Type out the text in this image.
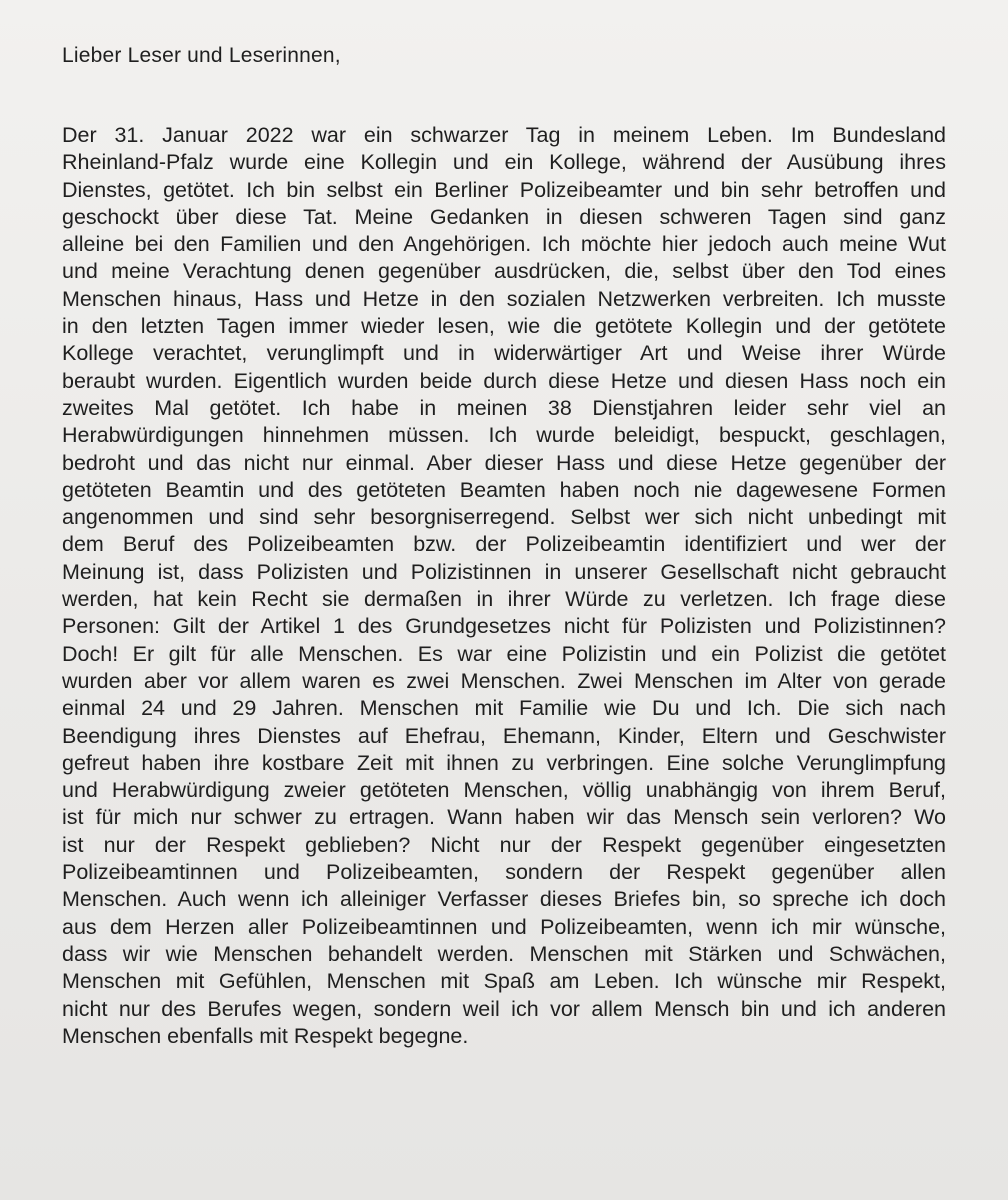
Lieber Leser und Leserinnen,

Der 31. Januar 2022 war ein schwarzer Tag in meinem Leben. Im Bundesland
Rheinland-Pfalz wurde eine Kollegin und ein Kollege, während der Ausübung ihres
Dienstes, getötet. Ich bin selbst ein Berliner Polizeibeamter und bin sehr betroffen und
geschockt über diese Tat. Meine Gedanken in diesen schweren Tagen sind ganz
alleine bei den Familien und den Angehörigen. Ich möchte hier jedoch auch meine Wut
und meine Verachtung denen gegenüber ausdrücken, die, selbst über den Tod eines
Menschen hinaus, Hass und Hetze in den sozialen Netzwerken verbreiten. Ich musste
in den letzten Tagen immer wieder lesen, wie die getötete Kollegin und der getötete
Kollege verachtet, verunglimpft und in widerwärtiger Art und Weise ihrer Würde
beraubt wurden. Eigentlich wurden beide durch diese Hetze und diesen Hass noch ein
zweites Mal getötet. Ich habe in meinen 38 Dienstjahren leider sehr viel an
Herabwürdigungen hinnehmen müssen. Ich wurde beleidigt, bespuckt, geschlagen,
bedroht und das nicht nur einmal. Aber dieser Hass und diese Hetze gegenüber der
getöteten Beamtin und des getöteten Beamten haben noch nie dagewesene Formen
angenommen und sind sehr besorgniserregend. Selbst wer sich nicht unbedingt mit
dem Beruf des Polizeibeamten bzw. der Polizeibeamtin identifiziert und wer der
Meinung ist, dass Polizisten und Polizistinnen in unserer Gesellschaft nicht gebraucht
werden, hat kein Recht sie dermaßen in ihrer Würde zu verletzen. Ich frage diese
Personen: Gilt der Artikel 1 des Grundgesetzes nicht für Polizisten und Polizistinnen?
Doch! Er gilt für alle Menschen. Es war eine Polizistin und ein Polizist die getötet
wurden aber vor allem waren es zwei Menschen. Zwei Menschen im Alter von gerade
einmal 24 und 29 Jahren. Menschen mit Familie wie Du und Ich. Die sich nach
Beendigung ihres Dienstes auf Ehefrau, Ehemann, Kinder, Eltern und Geschwister
gefreut haben ihre kostbare Zeit mit ihnen zu verbringen. Eine solche Verunglimpfung
und Herabwürdigung zweier getöteten Menschen, völlig unabhängig von ihrem Beruf,
ist für mich nur schwer zu ertragen. Wann haben wir das Mensch sein verloren? Wo
ist nur der Respekt geblieben? Nicht nur der Respekt gegenüber eingesetzten
Polizeibeamtinnen und Polizeibeamten, sondern der Respekt gegenüber allen
Menschen. Auch wenn ich alleiniger Verfasser dieses Briefes bin, so spreche ich doch
aus dem Herzen aller Polizeibeamtinnen und Polizeibeamten, wenn ich mir wünsche,
dass wir wie Menschen behandelt werden. Menschen mit Stärken und Schwächen,
Menschen mit Gefühlen, Menschen mit Spaß am Leben. Ich wünsche mir Respekt,
nicht nur des Berufes wegen, sondern weil ich vor allem Mensch bin und ich anderen
Menschen ebenfalls mit Respekt begegne.
